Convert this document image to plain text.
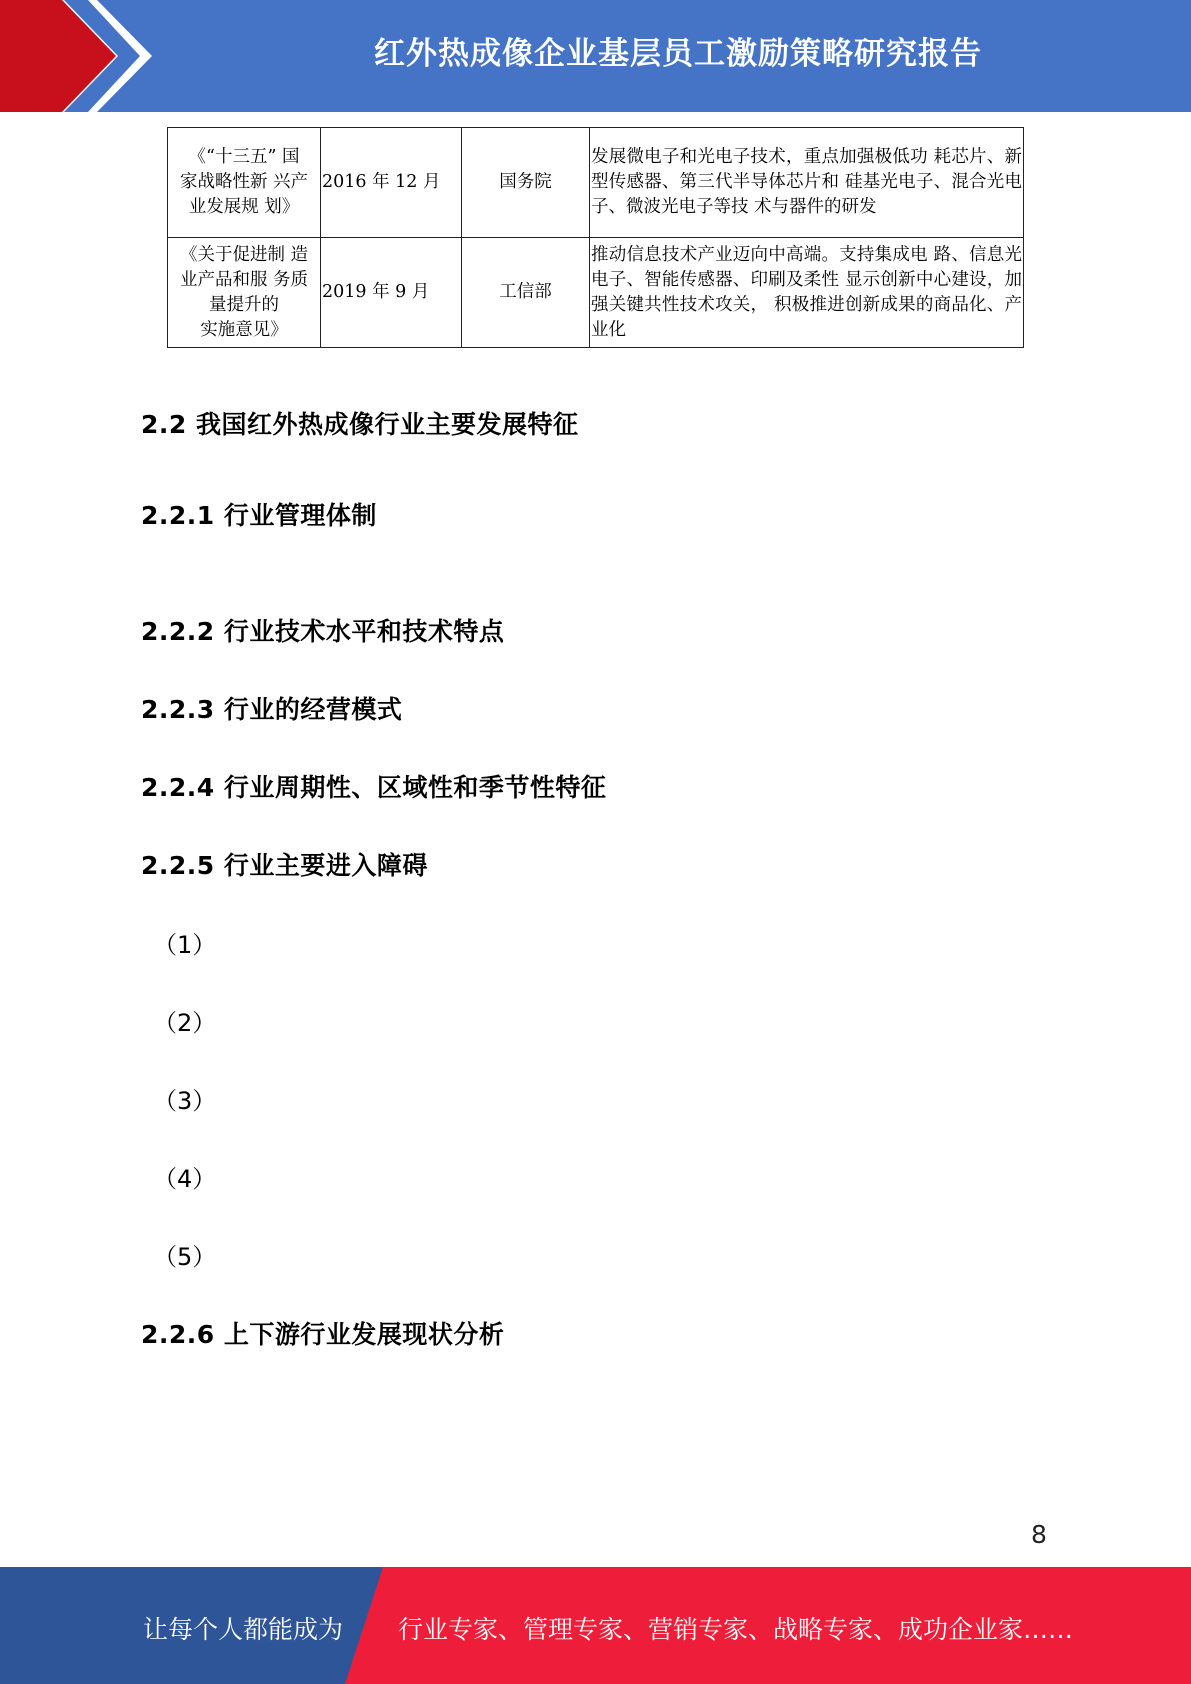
红外热成像企业基层员工激励策略研究报告
《“十三五” 国
家战略性新 兴产
业发展规 划》	2016 年 12 月	国务院	发展微电子和光电子技术，重点加强极低功 耗芯片、新型传感器、第三代半导体芯片和 硅基光电子、混合光电子、微波光电子等技 术与器件的研发

《关于促进制 造
业产品和服 务质
量提升的
实施意见》	2019 年 9 月	工信部	推动信息技术产业迈向中高端。支持集成电 路、信息光电子、智能传感器、印刷及柔性 显示创新中心建设，加强关键共性技术攻关， 积极推进创新成果的商品化、产业化
2.2 我国红外热成像行业主要发展特征
2.2.1 行业管理体制
2.2.2 行业技术水平和技术特点
2.2.3 行业的经营模式
2.2.4 行业周期性、区域性和季节性特征
2.2.5 行业主要进入障碍

（1）

（2）

（3）

（4）

（5）

2.2.6 上下游行业发展现状分析
8
让每个人都能成为 行业专家、管理专家、营销专家、战略专家、成功企业家……
